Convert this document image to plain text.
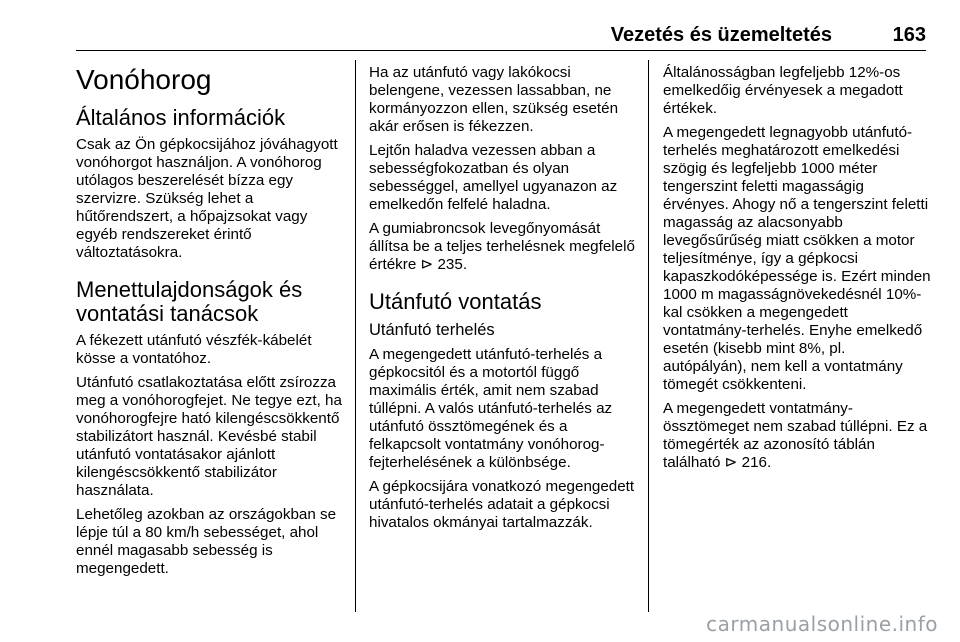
Vezetés és üzemeltetés	163
Vonóhorog
Általános információk

Csak az Ön gépkocsijához jóváhagyott vonóhorgot használjon. A vonóhorog utólagos beszerelését bízza egy szervizre. Szükség lehet a hűtőrendszert, a hőpajzsokat vagy egyéb rendszereket érintő változtatásokra.

Menettulajdonságok és vontatási tanácsok

A fékezett utánfutó vészfék-kábelét kösse a vontatóhoz.

Utánfutó csatlakoztatása előtt zsírozza meg a vonóhorogfejet. Ne tegye ezt, ha vonóhorogfejre ható kilengéscsökkentő stabilizátort használ. Kevésbé stabil utánfutó vontatásakor ajánlott kilengéscsökkentő stabilizátor használata.

Lehetőleg azokban az országokban se lépje túl a 80 km/h sebességet, ahol ennél magasabb sebesség is megengedett.

Ha az utánfutó vagy lakókocsi belengene, vezessen lassabban, ne kormányozzon ellen, szükség esetén akár erősen is fékezzen.

Lejtőn haladva vezessen abban a sebességfokozatban és olyan sebességgel, amellyel ugyanazon az emelkedőn felfelé haladna.

A gumiabroncsok levegőnyomását állítsa be a teljes terhelésnek megfelelő értékre ⊳ 235.

Utánfutó vontatás
Utánfutó terhelés

A megengedett utánfutó-terhelés a gépkocsitól és a motortól függő maximális érték, amit nem szabad túllépni. A valós utánfutó-terhelés az utánfutó össztömegének és a felkapcsolt vontatmány vonóhorog-fejterhelésének a különbsége.

A gépkocsijára vonatkozó megengedett utánfutó-terhelés adatait a gépkocsi hivatalos okmányai tartalmazzák.

Általánosságban legfeljebb 12%-os emelkedőig érvényesek a megadott értékek.

A megengedett legnagyobb utánfutó-terhelés meghatározott emelkedési szögig és legfeljebb 1000 méter tengerszint feletti magasságig érvényes. Ahogy nő a tengerszint feletti magasság az alacsonyabb levegősűrűség miatt csökken a motor teljesítménye, így a gépkocsi kapaszkodóképessége is. Ezért minden 1000 m magasságnövekedésnél 10%-kal csökken a megengedett vontatmány-terhelés. Enyhe emelkedő esetén (kisebb mint 8%, pl. autópályán), nem kell a vontatmány tömegét csökkenteni.

A megengedett vontatmány-össztömeget nem szabad túllépni. Ez a tömegérték az azonosító táblán található ⊳ 216.

carmanualsonline.info
